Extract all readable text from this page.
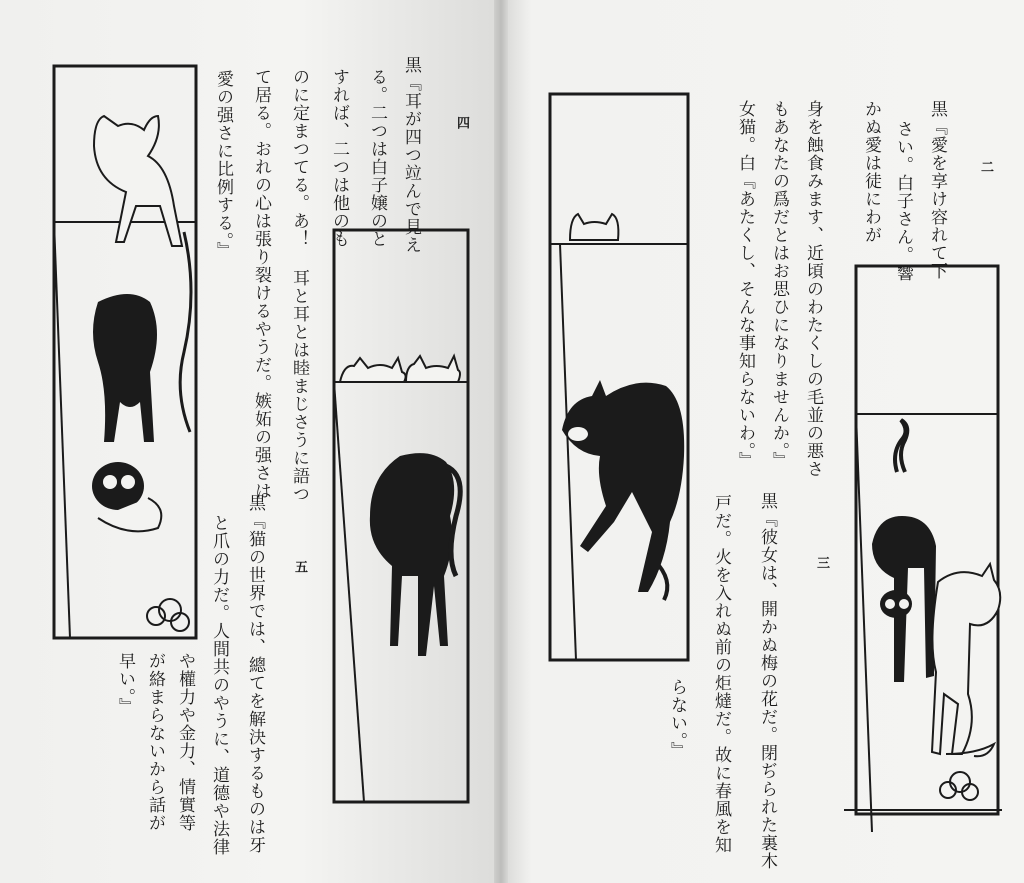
二
黒『愛を享け容れて下
さい。白子さん。響
かぬ愛は徒にわが
身を蝕食みます、近頃のわたくしの毛並の悪さ
もあなたの爲だとはお思ひになりませんか。』
女猫。白『あたくし、そんな事知らないわ。』
三
黒『彼女は、開かぬ梅の花だ。閉ぢられた裏木
戸だ。火を入れぬ前の炬燵だ。故に春風を知
らない。』
四
黒『耳が四つ竝んで見え
る。二つは白子嬢のと
すれば、二つは他のも
のに定まつてる。あ！ 耳と耳とは睦まじさうに語つ
て居る。おれの心は張り裂けるやうだ。嫉妬の强さは
愛の强さに比例する。』
五
黒『猫の世界では、總てを解決するものは牙
と爪の力だ。人間共のやうに、道德や法律
や權力や金力、情實等
が絡まらないから話が
早い。』
